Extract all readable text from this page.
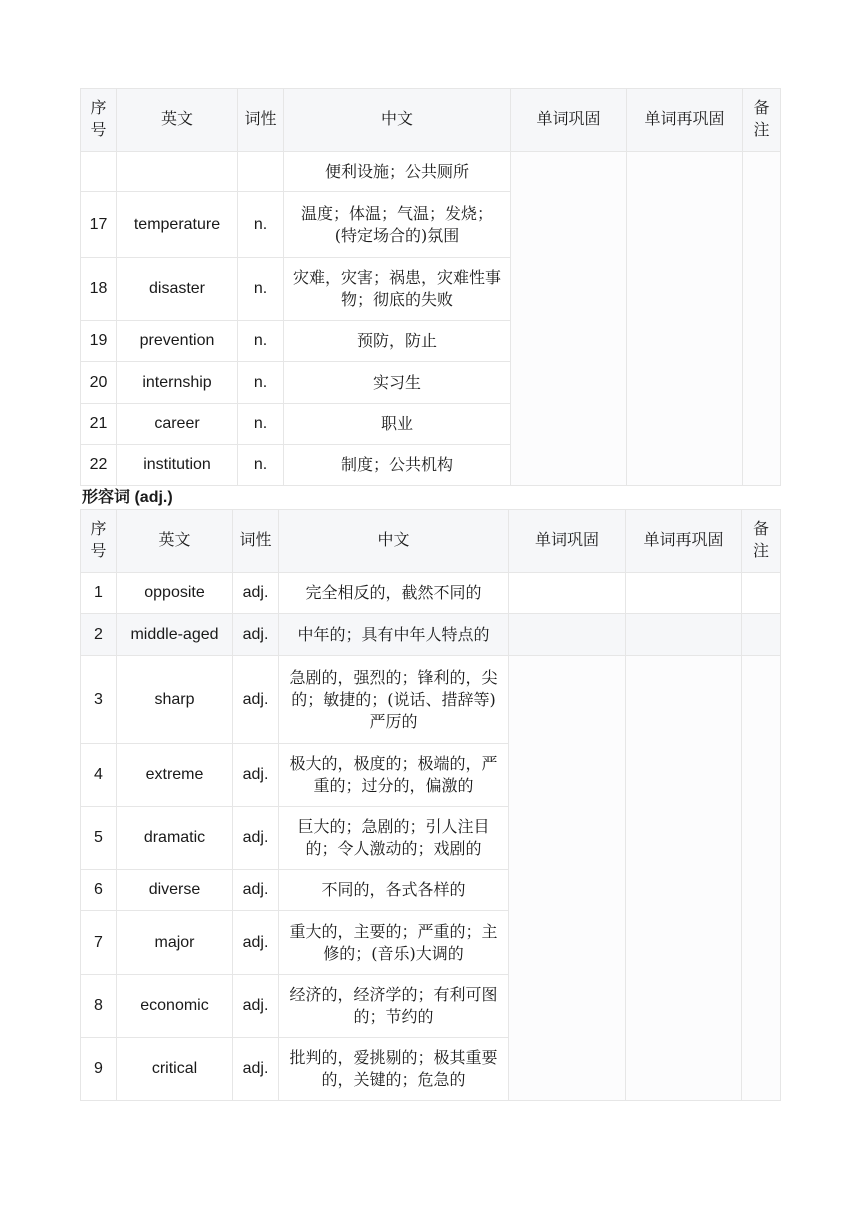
序号	英文	词性	中文	单词巩固	单词再巩固	备注
			便利设施；公共厕所			
17	temperature	n.	温度；体温；气温；发烧；(特定场合的)氛围			
18	disaster	n.	灾难，灾害；祸患，灾难性事物；彻底的失败			
19	prevention	n.	预防，防止			
20	internship	n.	实习生			
21	career	n.	职业			
22	institution	n.	制度；公共机构			
形容词 (adj.)
序号	英文	词性	中文	单词巩固	单词再巩固	备注
1	opposite	adj.	完全相反的，截然不同的			
2	middle-aged	adj.	中年的；具有中年人特点的			
3	sharp	adj.	急剧的，强烈的；锋利的，尖的；敏捷的；(说话、措辞等)严厉的			
4	extreme	adj.	极大的，极度的；极端的，严重的；过分的，偏激的			
5	dramatic	adj.	巨大的；急剧的；引人注目的；令人激动的；戏剧的			
6	diverse	adj.	不同的，各式各样的			
7	major	adj.	重大的，主要的；严重的；主修的；(音乐)大调的			
8	economic	adj.	经济的，经济学的；有利可图的；节约的			
9	critical	adj.	批判的，爱挑剔的；极其重要的，关键的；危急的			
